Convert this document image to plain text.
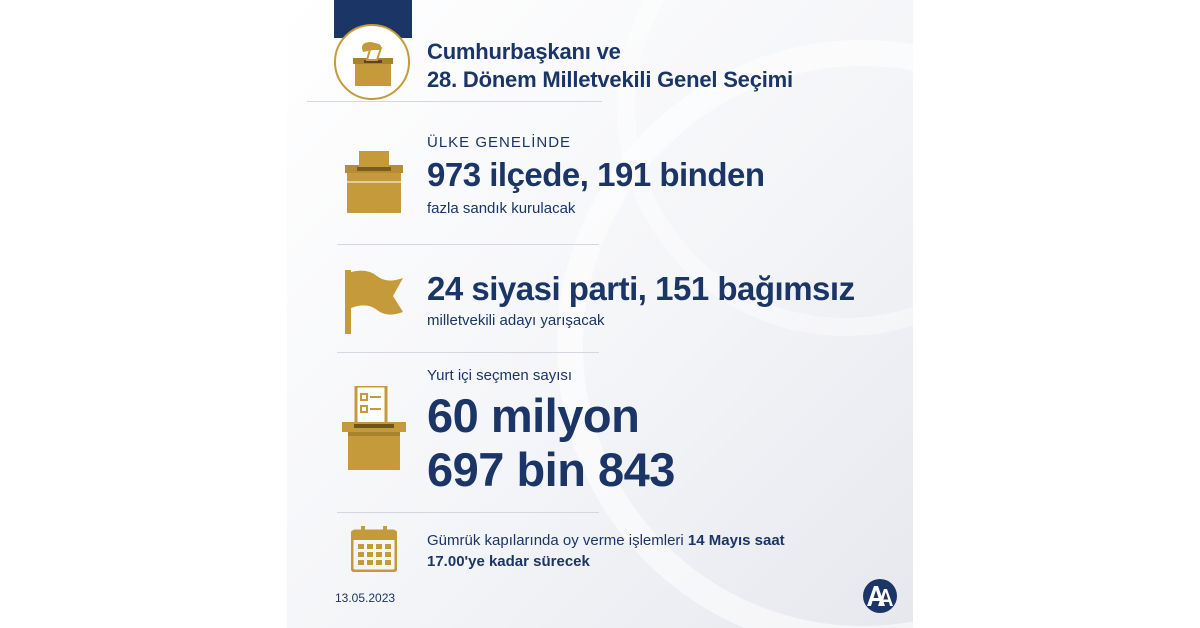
Cumhurbaşkanı ve
28. Dönem Milletvekili Genel Seçimi
ÜLKE GENELİNDE
973 ilçede, 191 binden
fazla sandık kurulacak
24 siyasi parti, 151 bağımsız
milletvekili adayı yarışacak
Yurt içi seçmen sayısı
60 milyon
697 bin 843

Gümrük kapılarında oy verme işlemleri 14 Mayıs saat 17.00'ye kadar sürecek

13.05.2023
